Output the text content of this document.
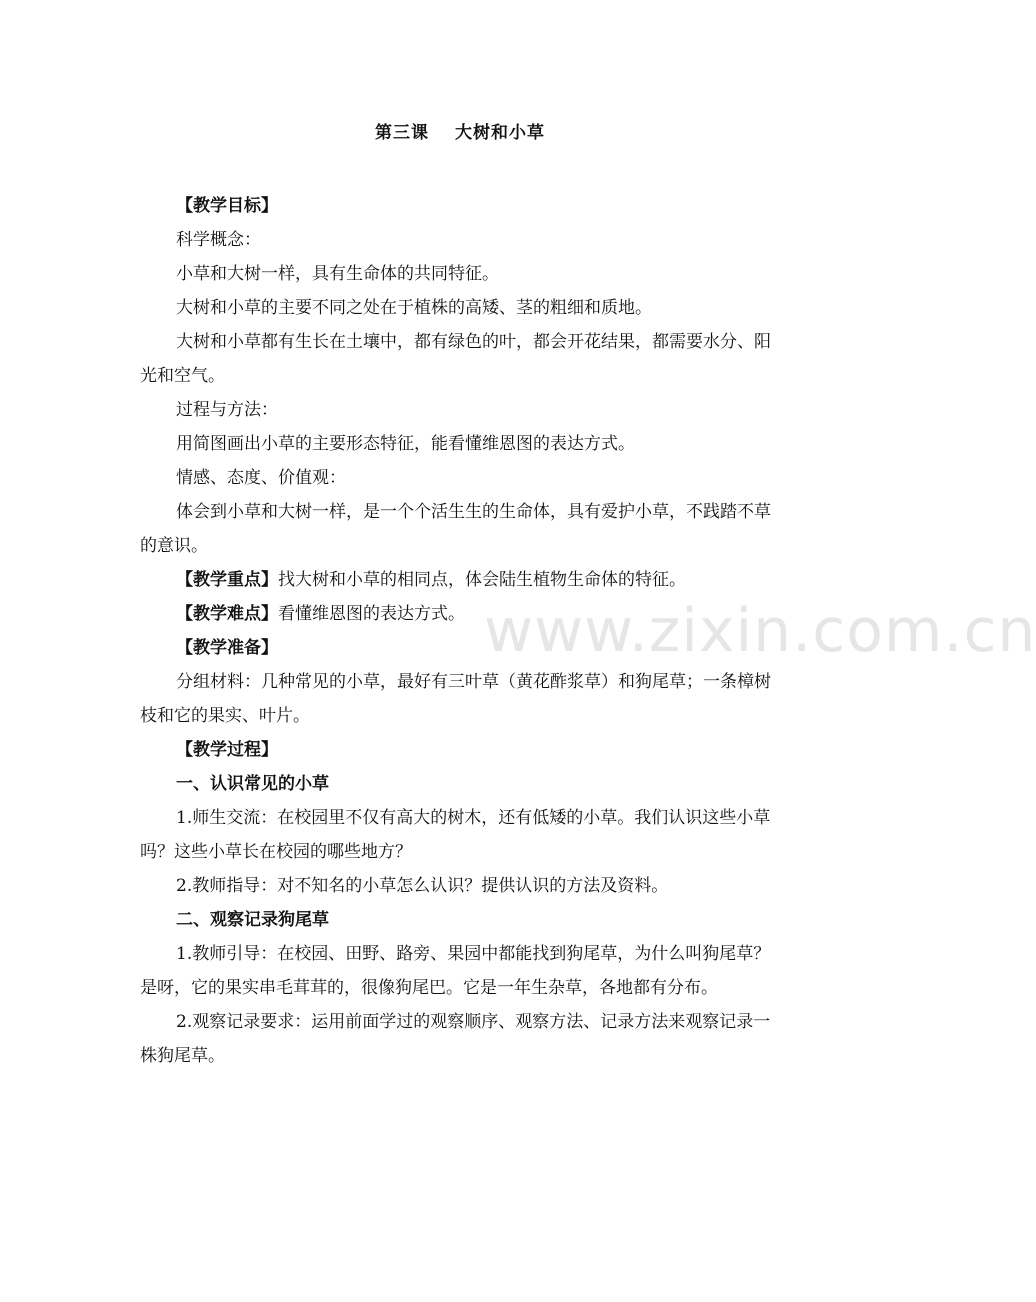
www.zixin.com.cn
第三课 大树和小草

【教学目标】

科学概念：

小草和大树一样，具有生命体的共同特征。

大树和小草的主要不同之处在于植株的高矮、茎的粗细和质地。

大树和小草都有生长在土壤中，都有绿色的叶，都会开花结果，都需要水分、阳光和空气。

过程与方法：

用简图画出小草的主要形态特征，能看懂维恩图的表达方式。

情感、态度、价值观：

体会到小草和大树一样，是一个个活生生的生命体，具有爱护小草，不践踏不草的意识。

【教学重点】找大树和小草的相同点，体会陆生植物生命体的特征。

【教学难点】看懂维恩图的表达方式。

【教学准备】

分组材料：几种常见的小草，最好有三叶草（黄花酢浆草）和狗尾草；一条樟树枝和它的果实、叶片。

【教学过程】

一、认识常见的小草

1.师生交流：在校园里不仅有高大的树木，还有低矮的小草。我们认识这些小草吗？这些小草长在校园的哪些地方？

2.教师指导：对不知名的小草怎么认识？提供认识的方法及资料。

二、观察记录狗尾草

1.教师引导：在校园、田野、路旁、果园中都能找到狗尾草，为什么叫狗尾草？是呀，它的果实串毛茸茸的，很像狗尾巴。它是一年生杂草，各地都有分布。

2.观察记录要求：运用前面学过的观察顺序、观察方法、记录方法来观察记录一株狗尾草。
